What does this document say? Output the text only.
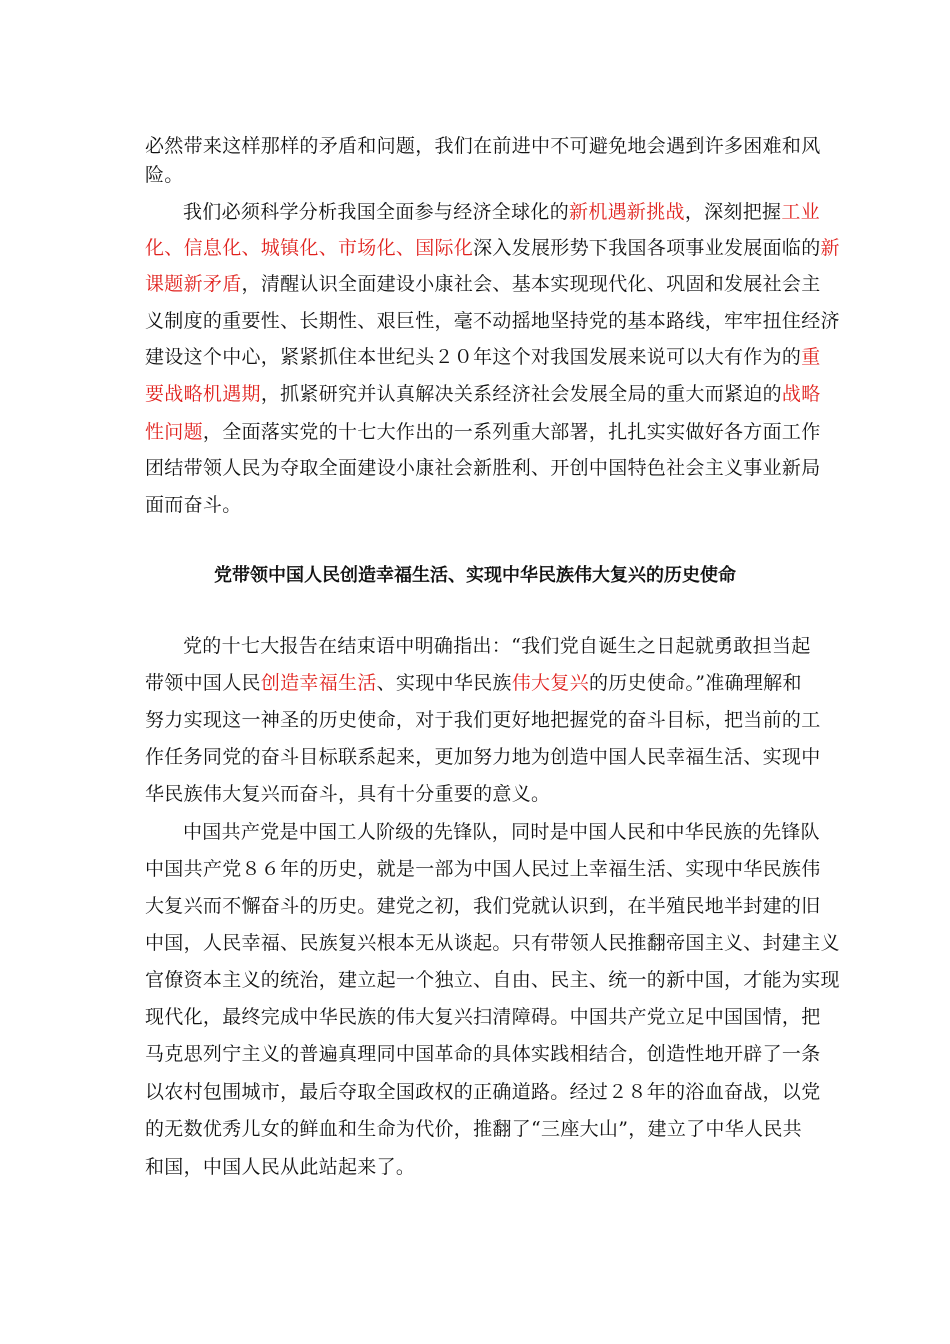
必然带来这样那样的矛盾和问题，我们在前进中不可避免地会遇到许多困难和风
险。
我们必须科学分析我国全面参与经济全球化的新机遇新挑战，深刻把握工业
化、信息化、城镇化、市场化、国际化深入发展形势下我国各项事业发展面临的新
课题新矛盾，清醒认识全面建设小康社会、基本实现现代化、巩固和发展社会主
义制度的重要性、长期性、艰巨性，毫不动摇地坚持党的基本路线，牢牢扭住经济
建设这个中心，紧紧抓住本世纪头２０年这个对我国发展来说可以大有作为的重
要战略机遇期，抓紧研究并认真解决关系经济社会发展全局的重大而紧迫的战略
性问题，全面落实党的十七大作出的一系列重大部署，扎扎实实做好各方面工作
团结带领人民为夺取全面建设小康社会新胜利、开创中国特色社会主义事业新局
面而奋斗。
党带领中国人民创造幸福生活、实现中华民族伟大复兴的历史使命
党的十七大报告在结束语中明确指出：“我们党自诞生之日起就勇敢担当起
带领中国人民创造幸福生活、实现中华民族伟大复兴的历史使命。”准确理解和
努力实现这一神圣的历史使命，对于我们更好地把握党的奋斗目标，把当前的工
作任务同党的奋斗目标联系起来，更加努力地为创造中国人民幸福生活、实现中
华民族伟大复兴而奋斗，具有十分重要的意义。
中国共产党是中国工人阶级的先锋队，同时是中国人民和中华民族的先锋队
中国共产党８６年的历史，就是一部为中国人民过上幸福生活、实现中华民族伟
大复兴而不懈奋斗的历史。建党之初，我们党就认识到，在半殖民地半封建的旧
中国，人民幸福、民族复兴根本无从谈起。只有带领人民推翻帝国主义、封建主义
官僚资本主义的统治，建立起一个独立、自由、民主、统一的新中国，才能为实现
现代化，最终完成中华民族的伟大复兴扫清障碍。中国共产党立足中国国情，把
马克思列宁主义的普遍真理同中国革命的具体实践相结合，创造性地开辟了一条
以农村包围城市，最后夺取全国政权的正确道路。经过２８年的浴血奋战，以党
的无数优秀儿女的鲜血和生命为代价，推翻了“三座大山”，建立了中华人民共
和国，中国人民从此站起来了。
